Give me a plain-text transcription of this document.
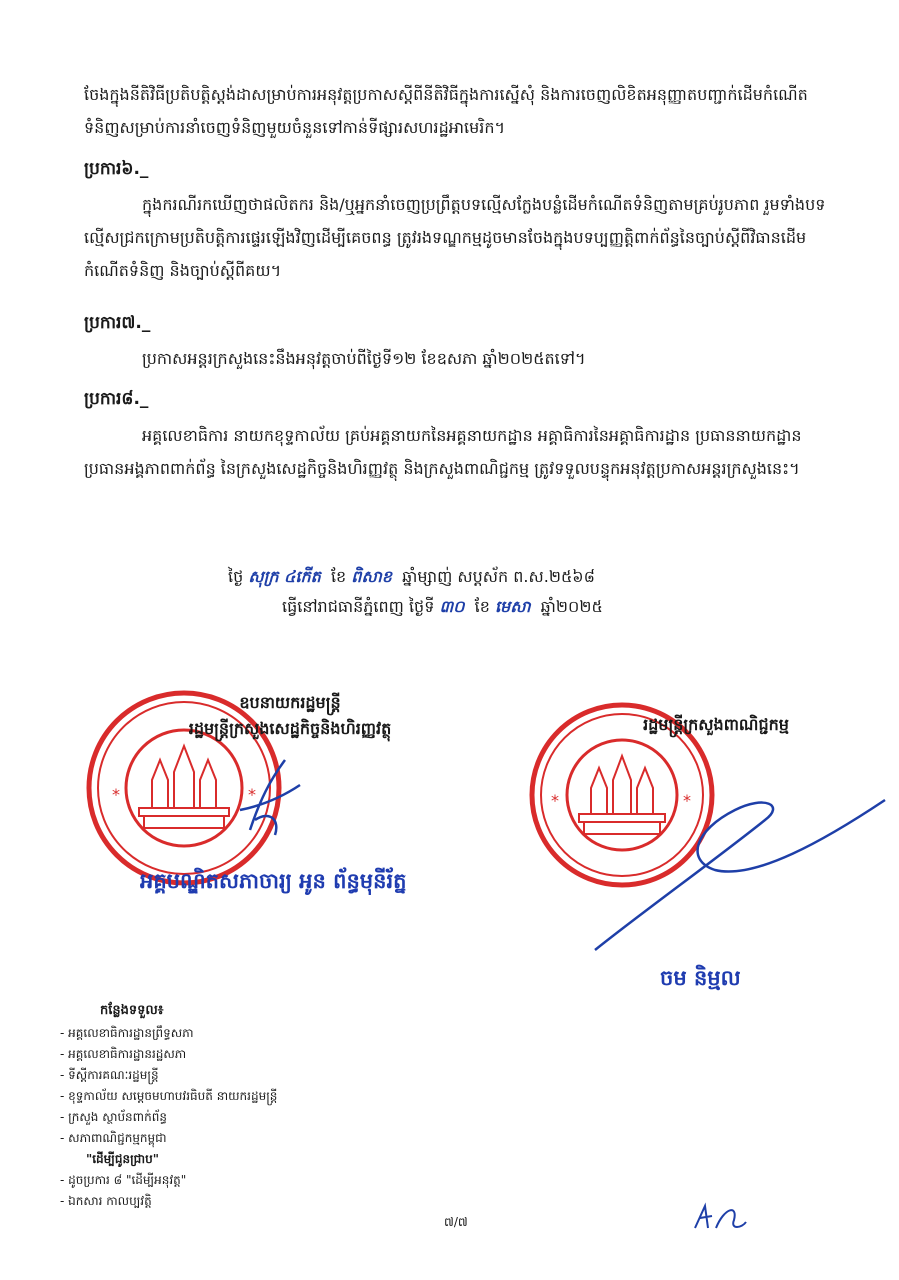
ចែងក្នុងនីតិវិធីប្រតិបត្តិស្តង់ដាសម្រាប់ការអនុវត្តប្រកាសស្តីពីនីតិវិធីក្នុងការស្នើសុំ និងការចេញលិខិតអនុញ្ញាតបញ្ជាក់ដើមកំណើតទំនិញសម្រាប់ការនាំចេញទំនិញមួយចំនួនទៅកាន់ទីផ្សារសហរដ្ឋអាមេរិក។

ប្រការ៦._

ក្នុងករណីរកឃើញថាផលិតករ និង/ឬអ្នកនាំចេញប្រព្រឹត្តបទល្មើសក្លែងបន្លំដើមកំណើតទំនិញតាមគ្រប់រូបភាព រួមទាំងបទល្មើសជ្រកក្រោមប្រតិបត្តិការផ្ទេរឡើងវិញដើម្បីគេចពន្ធ ត្រូវរងទណ្ឌកម្មដូចមានចែងក្នុងបទប្បញ្ញត្តិពាក់ព័ន្ធនៃច្បាប់ស្តីពីវិធានដើមកំណើតទំនិញ និងច្បាប់ស្តីពីគយ។

ប្រការ៧._

ប្រកាសអន្តរក្រសួងនេះនឹងអនុវត្តចាប់ពីថ្ងៃទី១២ ខែឧសភា ឆ្នាំ២០២៥តទៅ។

ប្រការ៨._

អគ្គលេខាធិការ នាយកខុទ្ទកាល័យ គ្រប់អគ្គនាយកនៃអគ្គនាយកដ្ឋាន អគ្គាធិការនៃអគ្គាធិការដ្ឋាន ប្រធាននាយកដ្ឋាន ប្រធានអង្គភាពពាក់ព័ន្ធ នៃក្រសួងសេដ្ឋកិច្ចនិងហិរញ្ញវត្ថុ និងក្រសួងពាណិជ្ជកម្ម ត្រូវទទួលបន្ទុកអនុវត្តប្រកាសអន្តរក្រសួងនេះ។

ថ្ងៃ សុក្រ ៤កើត ខែ ពិសាខ ឆ្នាំម្សាញ់ សប្តស័ក ព.ស.២៥៦៨
ធ្វើនៅរាជធានីភ្នំពេញ ថ្ងៃទី ៣០ ខែ មេសា ឆ្នាំ២០២៥
*	*	*	*
ឧបនាយករដ្ឋមន្ត្រី
រដ្ឋមន្ត្រីក្រសួងសេដ្ឋកិច្ចនិងហិរញ្ញវត្ថុ	រដ្ឋមន្ត្រីក្រសួងពាណិជ្ជកម្ម
អគ្គបណ្ឌិតសភាចារ្យ អូន ព័ន្ធមុនីរ័ត្ន
ចម និម្មល
កន្លែងទទួល៖
- អគ្គលេខាធិការដ្ឋានព្រឹទ្ធសភា
- អគ្គលេខាធិការដ្ឋានរដ្ឋសភា
- ទីស្តីការគណៈរដ្ឋមន្ត្រី
- ខុទ្ទកាល័យ សម្តេចមហាបវរធិបតី នាយករដ្ឋមន្ត្រី
- ក្រសួង ស្ថាប័នពាក់ព័ន្ធ
- សភាពាណិជ្ជកម្មកម្ពុជា
"ដើម្បីជូនជ្រាប"
- ដូចប្រការ ៨ "ដើម្បីអនុវត្ត"
- ឯកសារ កាលប្បវត្តិ
៧/៧
